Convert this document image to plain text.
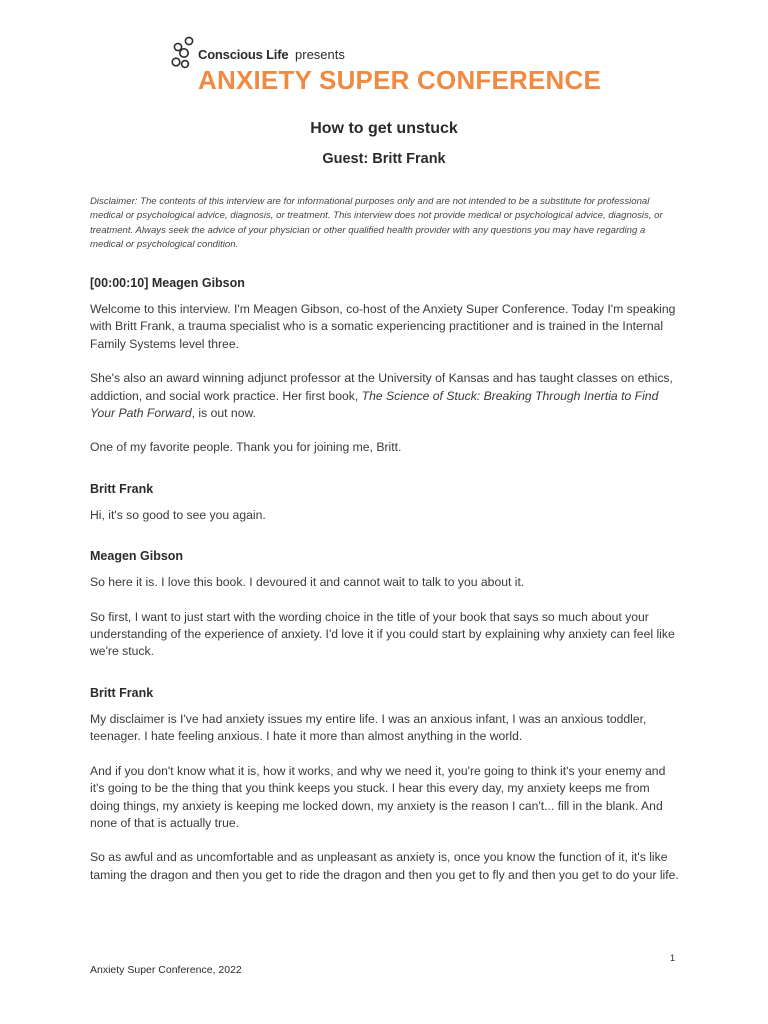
Conscious Life presents
ANXIETY SUPER CONFERENCE
How to get unstuck
Guest: Britt Frank

Disclaimer: The contents of this interview are for informational purposes only and are not intended to be a substitute for professional medical or psychological advice, diagnosis, or treatment. This interview does not provide medical or psychological advice, diagnosis, or treatment. Always seek the advice of your physician or other qualified health provider with any questions you may have regarding a medical or psychological condition.

[00:00:10] Meagen Gibson

Welcome to this interview. I'm Meagen Gibson, co-host of the Anxiety Super Conference. Today I'm speaking with Britt Frank, a trauma specialist who is a somatic experiencing practitioner and is trained in the Internal Family Systems level three.

She's also an award winning adjunct professor at the University of Kansas and has taught classes on ethics, addiction, and social work practice. Her first book, The Science of Stuck: Breaking Through Inertia to Find Your Path Forward, is out now.

One of my favorite people. Thank you for joining me, Britt.

Britt Frank

Hi, it's so good to see you again.

Meagen Gibson

So here it is. I love this book. I devoured it and cannot wait to talk to you about it.

So first, I want to just start with the wording choice in the title of your book that says so much about your understanding of the experience of anxiety. I'd love it if you could start by explaining why anxiety can feel like we're stuck.

Britt Frank

My disclaimer is I've had anxiety issues my entire life. I was an anxious infant, I was an anxious toddler, teenager. I hate feeling anxious. I hate it more than almost anything in the world.

And if you don't know what it is, how it works, and why we need it, you're going to think it's your enemy and it's going to be the thing that you think keeps you stuck. I hear this every day, my anxiety keeps me from doing things, my anxiety is keeping me locked down, my anxiety is the reason I can't... fill in the blank. And none of that is actually true.

So as awful and as uncomfortable and as unpleasant as anxiety is, once you know the function of it, it's like taming the dragon and then you get to ride the dragon and then you get to fly and then you get to do your life.

Anxiety Super Conference, 2022
1
